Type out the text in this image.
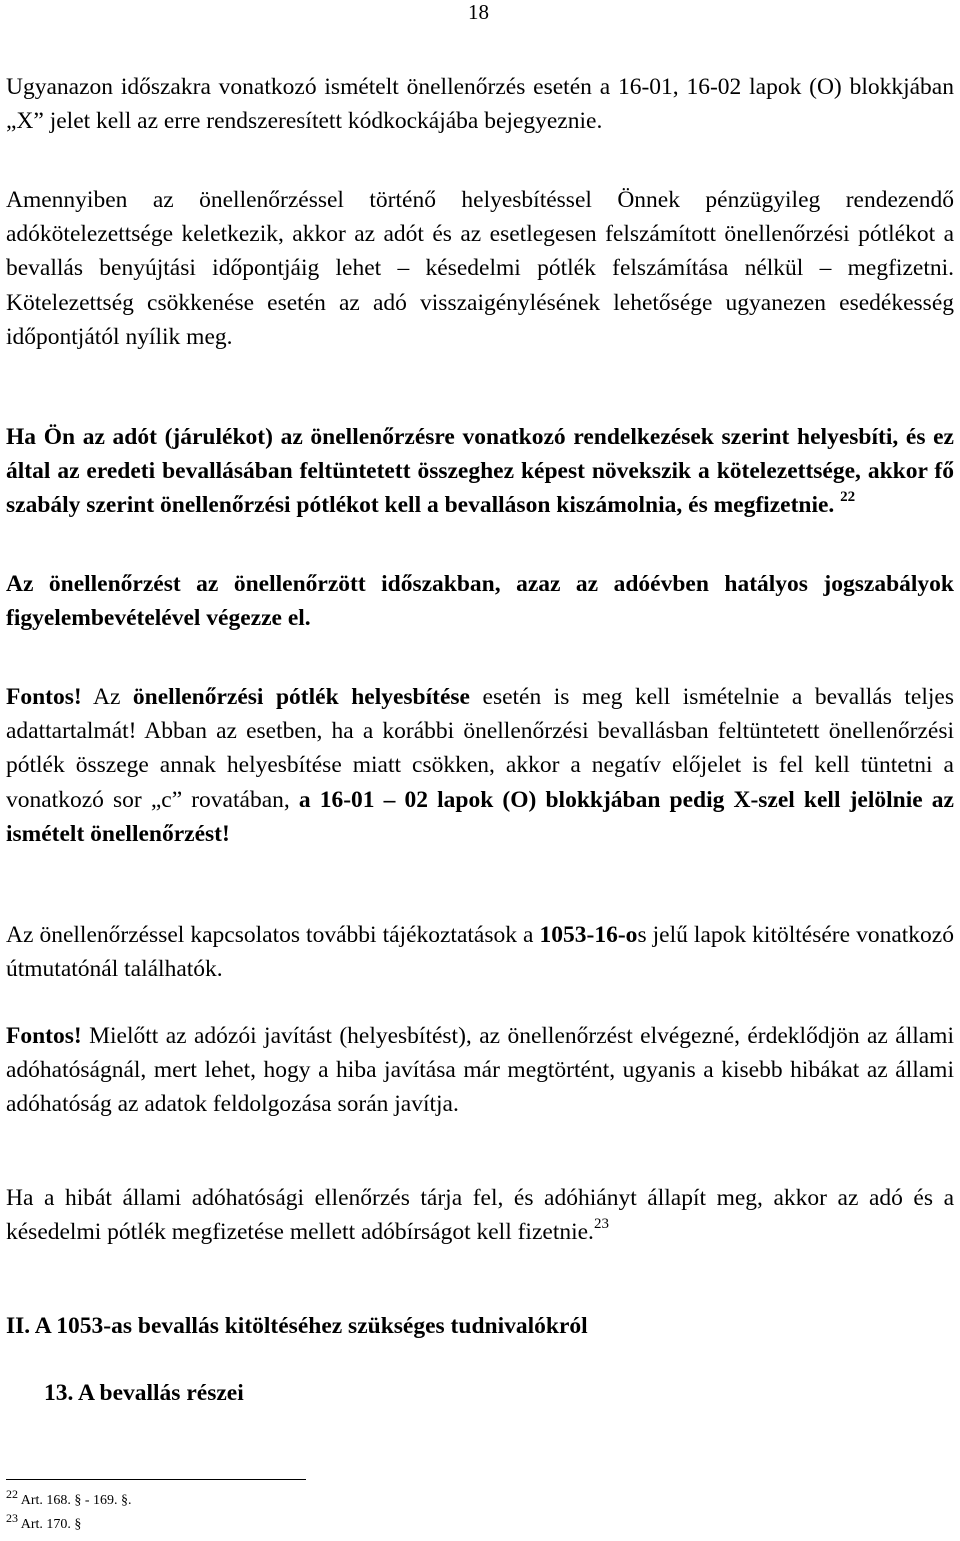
18

Ugyanazon időszakra vonatkozó ismételt önellenőrzés esetén a 16-01, 16-02 lapok (O) blokkjában „X” jelet kell az erre rendszeresített kódkockájába bejegyeznie.

Amennyiben az önellenőrzéssel történő helyesbítéssel Önnek pénzügyileg rendezendő adókötelezettsége keletkezik, akkor az adót és az esetlegesen felszámított önellenőrzési pótlékot a bevallás benyújtási időpontjáig lehet – késedelmi pótlék felszámítása nélkül – megfizetni. Kötelezettség csökkenése esetén az adó visszaigénylésének lehetősége ugyanezen esedékesség időpontjától nyílik meg.

Ha Ön az adót (járulékot) az önellenőrzésre vonatkozó rendelkezések szerint helyesbíti, és ez által az eredeti bevallásában feltüntetett összeghez képest növekszik a kötelezettsége, akkor fő szabály szerint önellenőrzési pótlékot kell a bevalláson kiszámolnia, és megfizetnie. $^{22}$

Az önellenőrzést az önellenőrzött időszakban, azaz az adóévben hatályos jogszabályok figyelembevételével végezze el.

Fontos! Az önellenőrzési pótlék helyesbítése esetén is meg kell ismételnie a bevallás teljes adattartalmát! Abban az esetben, ha a korábbi önellenőrzési bevallásban feltüntetett önellenőrzési pótlék összege annak helyesbítése miatt csökken, akkor a negatív előjelet is fel kell tüntetni a vonatkozó sor „c” rovatában, a 16-01 – 02 lapok (O) blokkjában pedig X-szel kell jelölnie az ismételt önellenőrzést!

Az önellenőrzéssel kapcsolatos további tájékoztatások a 1053-16-os jelű lapok kitöltésére vonatkozó útmutatónál találhatók.

Fontos! Mielőtt az adózói javítást (helyesbítést), az önellenőrzést elvégezné, érdeklődjön az állami adóhatóságnál, mert lehet, hogy a hiba javítása már megtörtént, ugyanis a kisebb hibákat az állami adóhatóság az adatok feldolgozása során javítja.

Ha a hibát állami adóhatósági ellenőrzés tárja fel, és adóhiányt állapít meg, akkor az adó és a késedelmi pótlék megfizetése mellett adóbírságot kell fizetnie.$^{23}$

II. A 1053-as bevallás kitöltéséhez szükséges tudnivalókról
13. A bevallás részei

$^{22}$ Art. 168. § - 169. §.

$^{23}$ Art. 170. §
